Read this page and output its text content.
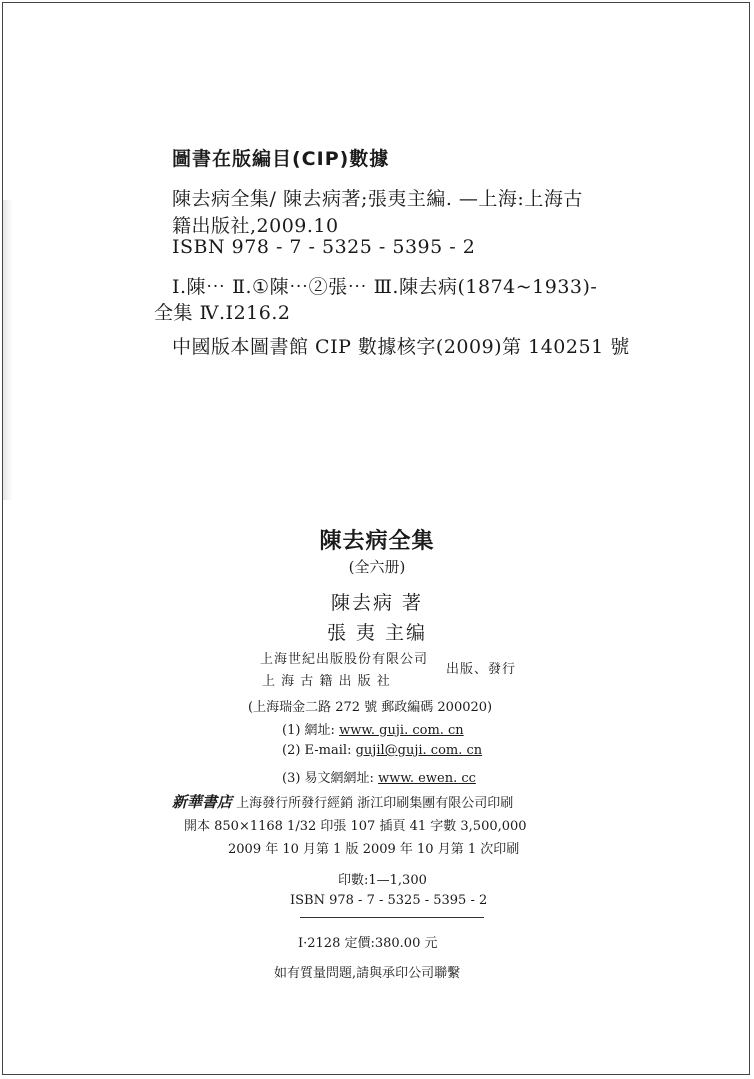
圖書在版編目(CIP)數據
陳去病全集/ 陳去病著;張夷主編. —上海:上海古
籍出版社,2009.10
ISBN 978 - 7 - 5325 - 5395 - 2
Ⅰ.陳⋯ Ⅱ.①陳⋯②張⋯ Ⅲ.陳去病(1874~1933)-
全集 Ⅳ.I216.2
中國版本圖書館 CIP 數據核字(2009)第 140251 號
陳去病全集
(全六册)
陳去病 著
張 夷 主编
上海世紀出版股份有限公司
上 海 古 籍 出 版 社
出版、發行
(上海瑞金二路 272 號 郵政編碼 200020)
(1) 網址: www. guji. com. cn
(2) E-mail: gujil@guji. com. cn
(3) 易文網網址: www. ewen. cc
新華書店 上海發行所發行經銷 浙江印刷集團有限公司印刷
開本 850×1168 1/32 印張 107 插頁 41 字數 3,500,000
2009 年 10 月第 1 版 2009 年 10 月第 1 次印刷
印數:1—1,300
ISBN 978 - 7 - 5325 - 5395 - 2
I·2128 定價:380.00 元
如有質量問題,請與承印公司聯繫
